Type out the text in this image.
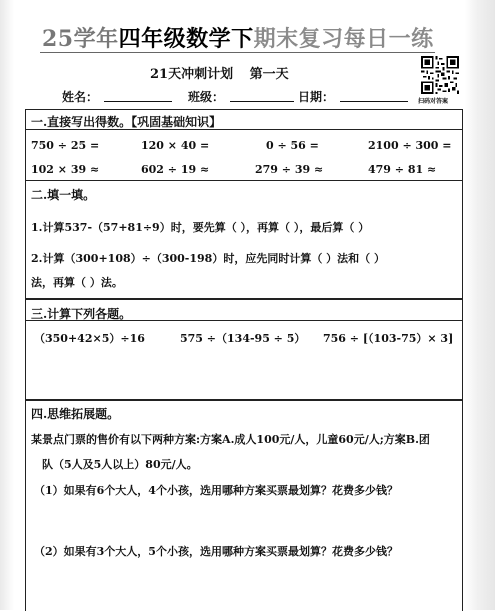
25学年四年级数学下期末复习每日一练
21天冲刺计划 第一天
扫码对答案
姓名：	班级：	日期：
一.直接写出得数。【巩固基础知识】
750 ÷ 25 =	120 × 40 =	0 ÷ 56 =	2100 ÷ 300 =
102 × 39 ≈	602 ÷ 19 ≈	279 ÷ 39 ≈	479 ÷ 81 ≈
二.填一填。
1.计算537-（57+81÷9）时，要先算（ ），再算（ ），最后算（ ）
2.计算（300+108）÷（300-198）时，应先同时计算（ ）法和（ ）
法，再算（ ）法。
三.计算下列各题。
（350+42×5）÷16	575 ÷（134-95 ÷ 5） 756 ÷ [（103-75）× 3]
四.思维拓展题。
某景点门票的售价有以下两种方案:方案A.成人100元/人，儿童60元/人;方案B.团
队（5人及5人以上）80元/人。
（1）如果有6个大人，4个小孩，选用哪种方案买票最划算？花费多少钱？
（2）如果有3个大人，5个小孩，选用哪种方案买票最划算？花费多少钱？
